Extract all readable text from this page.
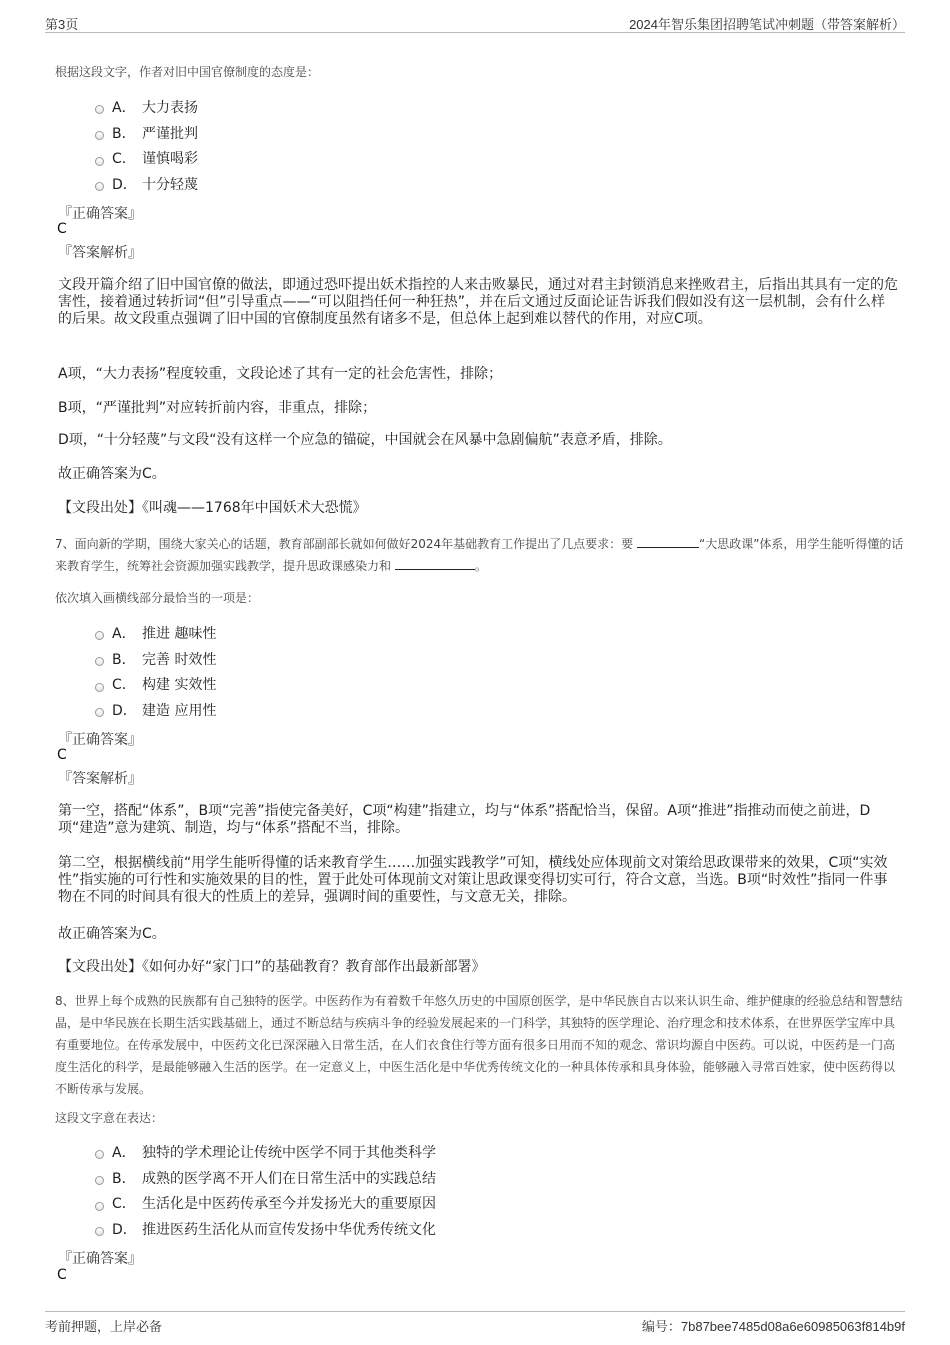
第3页	2024年智乐集团招聘笔试冲刺题（带答案解析）
根据这段文字，作者对旧中国官僚制度的态度是：
A． 大力表扬
B． 严谨批判
C． 谨慎喝彩
D． 十分轻蔑
『正确答案』
C
『答案解析』
文段开篇介绍了旧中国官僚的做法，即通过恐吓提出妖术指控的人来击败暴民，通过对君主封锁消息来挫败君主，后指出其具有一定的危害性，接着通过转折词“但”引导重点——“可以阻挡任何一种狂热”，并在后文通过反面论证告诉我们假如没有这一层机制，会有什么样的后果。故文段重点强调了旧中国的官僚制度虽然有诸多不是，但总体上起到难以替代的作用，对应C项。
A项，“大力表扬”程度较重，文段论述了其有一定的社会危害性，排除；
B项，“严谨批判”对应转折前内容，非重点，排除；
D项，“十分轻蔑”与文段“没有这样一个应急的锚碇，中国就会在风暴中急剧偏航”表意矛盾，排除。
故正确答案为C。
【文段出处】《叫魂——1768年中国妖术大恐慌》
7、面向新的学期，围绕大家关心的话题，教育部副部长就如何做好2024年基础教育工作提出了几点要求：要	“大思政课”体系，用学生能听得懂的话来教育学生，统筹社会资源加强实践教学，提升思政课感染力和	。
依次填入画横线部分最恰当的一项是：
A． 推进 趣味性
B． 完善 时效性
C． 构建 实效性
D． 建造 应用性
『正确答案』
C
『答案解析』
第一空，搭配“体系”，B项“完善”指使完备美好，C项“构建”指建立，均与“体系”搭配恰当，保留。A项“推进”指推动而使之前进，D项“建造”意为建筑、制造，均与“体系”搭配不当，排除。
第二空，根据横线前“用学生能听得懂的话来教育学生……加强实践教学”可知，横线处应体现前文对策给思政课带来的效果，C项“实效性”指实施的可行性和实施效果的目的性，置于此处可体现前文对策让思政课变得切实可行，符合文意，当选。B项“时效性”指同一件事物在不同的时间具有很大的性质上的差异，强调时间的重要性，与文意无关，排除。
故正确答案为C。
【文段出处】《如何办好“家门口”的基础教育？教育部作出最新部署》
8、世界上每个成熟的民族都有自己独特的医学。中医药作为有着数千年悠久历史的中国原创医学，是中华民族自古以来认识生命、维护健康的经验总结和智慧结晶，是中华民族在长期生活实践基础上，通过不断总结与疾病斗争的经验发展起来的一门科学，其独特的医学理论、治疗理念和技术体系，在世界医学宝库中具有重要地位。在传承发展中，中医药文化已深深融入日常生活，在人们衣食住行等方面有很多日用而不知的观念、常识均源自中医药。可以说，中医药是一门高度生活化的科学，是最能够融入生活的医学。在一定意义上，中医生活化是中华优秀传统文化的一种具体传承和具身体验，能够融入寻常百姓家，使中医药得以不断传承与发展。
这段文字意在表达：
A． 独特的学术理论让传统中医学不同于其他类科学
B． 成熟的医学离不开人们在日常生活中的实践总结
C． 生活化是中医药传承至今并发扬光大的重要原因
D． 推进医药生活化从而宣传发扬中华优秀传统文化
『正确答案』
C
考前押题，上岸必备	编号：7b87bee7485d08a6e60985063f814b9f
